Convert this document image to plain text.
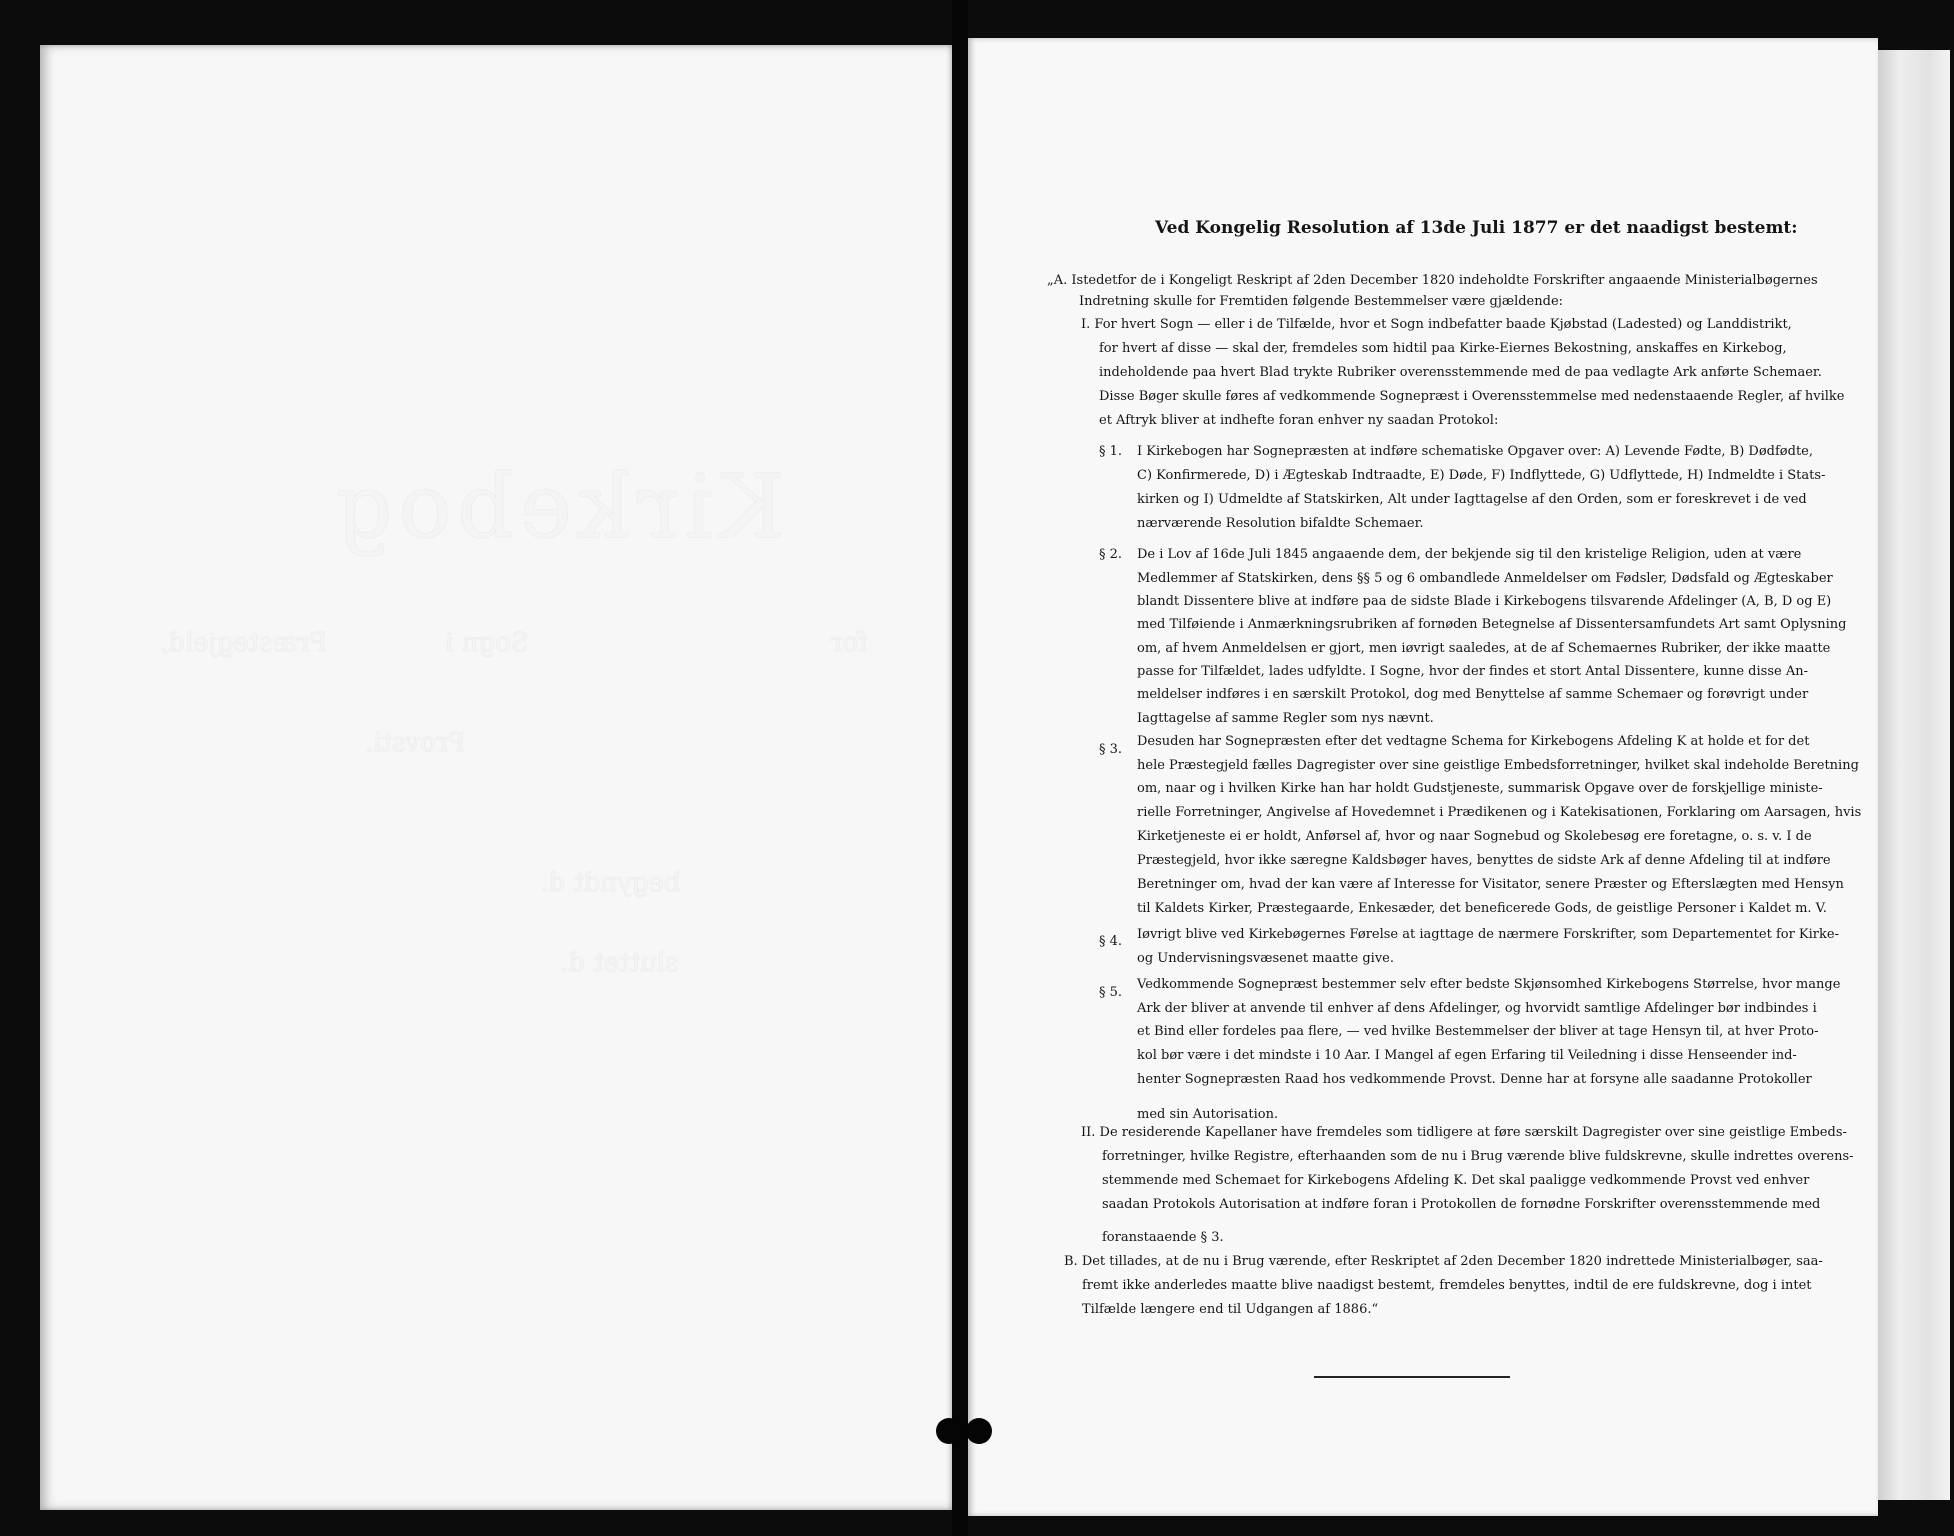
Kirkebog
for
Sogn i
Præstegjeld,
Provsti.
begyndt d.
sluttet d.
Ved Kongelig Resolution af 13de Juli 1877 er det naadigst bestemt:
„A. Istedetfor de i Kongeligt Reskript af 2den December 1820 indeholdte Forskrifter angaaende Ministerialbøgernes
Indretning skulle for Fremtiden følgende Bestemmelser være gjældende:
I. For hvert Sogn — eller i de Tilfælde, hvor et Sogn indbefatter baade Kjøbstad (Ladested) og Landdistrikt,
for hvert af disse — skal der, fremdeles som hidtil paa Kirke-Eiernes Bekostning, anskaffes en Kirkebog,
indeholdende paa hvert Blad trykte Rubriker overensstemmende med de paa vedlagte Ark anførte Schemaer.
Disse Bøger skulle føres af vedkommende Sognepræst i Overensstemmelse med nedenstaaende Regler, af hvilke
et Aftryk bliver at indhefte foran enhver ny saadan Protokol:
§ 1. I Kirkebogen har Sognepræsten at indføre schematiske Opgaver over: A) Levende Fødte, B) Dødfødte,
C) Konfirmerede, D) i Ægteskab Indtraadte, E) Døde, F) Indflyttede, G) Udflyttede, H) Indmeldte i Stats-
kirken og I) Udmeldte af Statskirken, Alt under Iagttagelse af den Orden, som er foreskrevet i de ved
nærværende Resolution bifaldte Schemaer.
§ 2. De i Lov af 16de Juli 1845 angaaende dem, der bekjende sig til den kristelige Religion, uden at være
Medlemmer af Statskirken, dens §§ 5 og 6 ombandlede Anmeldelser om Fødsler, Dødsfald og Ægteskaber
blandt Dissentere blive at indføre paa de sidste Blade i Kirkebogens tilsvarende Afdelinger (A, B, D og E)
med Tilføiende i Anmærkningsrubriken af fornøden Betegnelse af Dissentersamfundets Art samt Oplysning
om, af hvem Anmeldelsen er gjort, men iøvrigt saaledes, at de af Schemaernes Rubriker, der ikke maatte
passe for Tilfældet, lades udfyldte. I Sogne, hvor der findes et stort Antal Dissentere, kunne disse An-
meldelser indføres i en særskilt Protokol, dog med Benyttelse af samme Schemaer og forøvrigt under
Iagttagelse af samme Regler som nys nævnt.
§ 3.
Desuden har Sognepræsten efter det vedtagne Schema for Kirkebogens Afdeling K at holde et for det
hele Præstegjeld fælles Dagregister over sine geistlige Embedsforretninger, hvilket skal indeholde Beretning
om, naar og i hvilken Kirke han har holdt Gudstjeneste, summarisk Opgave over de forskjellige ministe-
rielle Forretninger, Angivelse af Hovedemnet i Prædikenen og i Katekisationen, Forklaring om Aarsagen, hvis
Kirketjeneste ei er holdt, Anførsel af, hvor og naar Sognebud og Skolebesøg ere foretagne, o. s. v. I de
Præstegjeld, hvor ikke særegne Kaldsbøger haves, benyttes de sidste Ark af denne Afdeling til at indføre
Beretninger om, hvad der kan være af Interesse for Visitator, senere Præster og Efterslægten med Hensyn
til Kaldets Kirker, Præstegaarde, Enkesæder, det beneficerede Gods, de geistlige Personer i Kaldet m. V.
§ 4. Iøvrigt blive ved Kirkebøgernes Førelse at iagttage de nærmere Forskrifter, som Departementet for Kirke-
og Undervisningsvæsenet maatte give.
§ 5.
Vedkommende Sognepræst bestemmer selv efter bedste Skjønsomhed Kirkebogens Størrelse, hvor mange
Ark der bliver at anvende til enhver af dens Afdelinger, og hvorvidt samtlige Afdelinger bør indbindes i
et Bind eller fordeles paa flere, — ved hvilke Bestemmelser der bliver at tage Hensyn til, at hver Proto-
kol bør være i det mindste i 10 Aar. I Mangel af egen Erfaring til Veiledning i disse Henseender ind-
henter Sognepræsten Raad hos vedkommende Provst. Denne har at forsyne alle saadanne Protokoller
med sin Autorisation.
II. De residerende Kapellaner have fremdeles som tidligere at føre særskilt Dagregister over sine geistlige Embeds-
forretninger, hvilke Registre, efterhaanden som de nu i Brug værende blive fuldskrevne, skulle indrettes overens-
stemmende med Schemaet for Kirkebogens Afdeling K. Det skal paaligge vedkommende Provst ved enhver
saadan Protokols Autorisation at indføre foran i Protokollen de fornødne Forskrifter overensstemmende med
foranstaaende § 3.
B. Det tillades, at de nu i Brug værende, efter Reskriptet af 2den December 1820 indrettede Ministerialbøger, saa-
fremt ikke anderledes maatte blive naadigst bestemt, fremdeles benyttes, indtil de ere fuldskrevne, dog i intet
Tilfælde længere end til Udgangen af 1886.“
